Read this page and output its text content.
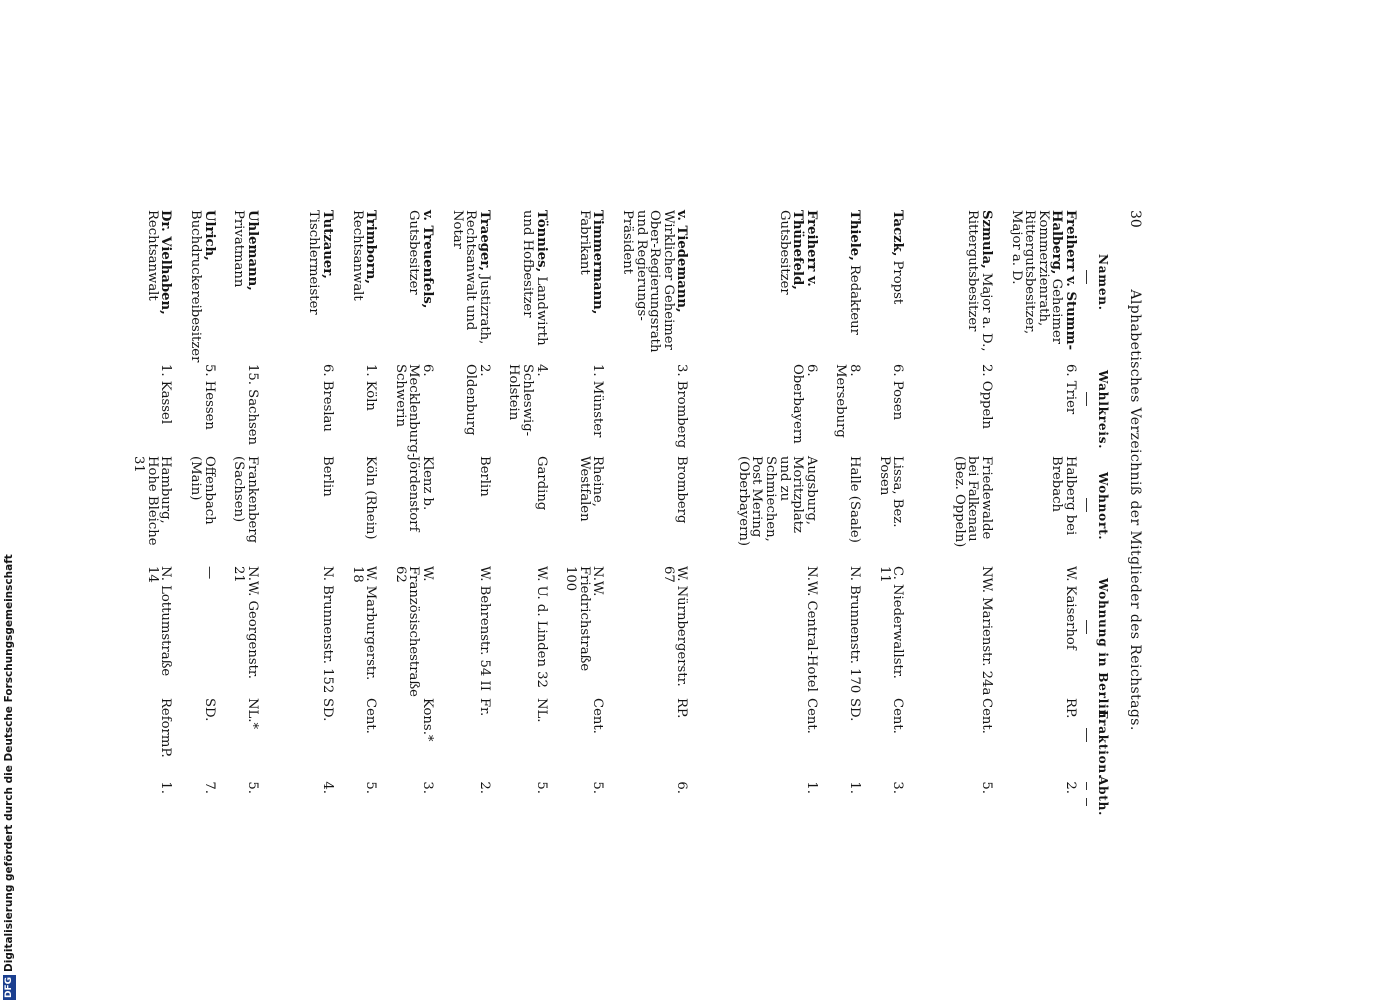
30
Alphabetisches Verzeichniß der Mitglieder des Reichstags.
Namen.
Wahlkreis.
Wohnort.
Wohnung in Berlin.
Fraktion.
Abth.
Freiherr v. Stumm-Halberg, Geheimer Kommerzienrath, Rittergutsbesitzer, Major a. D.
6. Trier
Halberg bei Brebach
W. Kaiserhof
RP.
2.
Szmula, Major a. D., Rittergutsbesitzer
2. Oppeln
Friedewalde bei Falkenau (Bez. Oppeln)
NW. Marienstr. 24a
Cent.
5.
Taczk, Propst
6. Posen
Lissa, Bez. Posen
C. Niederwallstr. 11
Cent.
3.
Thiele, Redakteur
8. Merseburg
Halle (Saale)
N. Brunnenstr. 170
SD.
1.
Freiherr v. Thünefeld, Gutsbesitzer
6. Oberbayern
Augsburg, Moritzplatz und zu Schmiechen, Post Mering (Oberbayern)
N.W. Central-Hotel
Cent.
1.
v. Tiedemann, Wirklicher Geheimer Ober-Regierungsrath und Regierungs-Präsident
3. Bromberg
Bromberg
W. Nürnbergerstr. 67
RP.
6.
Timmermann, Fabrikant
1. Münster
Rheine, Westfalen
N.W. Friedrichstraße 100
Cent.
5.
Tönnies, Landwirth und Hofbesitzer
4. Schleswig-Holstein
Garding
W. U. d. Linden 32
NL.
5.
Traeger, Justizrath, Rechtsanwalt und Notar
2. Oldenburg
Berlin
W. Behrenstr. 54 II
Fr.
2.
v. Treuenfels, Gutsbesitzer
6. Mecklenburg-Schwerin
Klenz b. Jördenstorf
W. Französischestraße 62
Kons.*
3.
Trimborn, Rechtsanwalt
1. Köln
Köln (Rhein)
W. Marburgerstr. 18
Cent.
5.
Tutzauer, Tischlermeister
6. Breslau
Berlin
N. Brunnenstr. 152
SD.
4.
Uhlemann, Privatmann
15. Sachsen
Frankenberg (Sachsen)
N.W. Georgenstr. 21
NL.*
5.
Ulrich, Buchdruckereibesitzer
5. Hessen
Offenbach (Main)
—
SD.
7.
Dr. Vielhaben, Rechtsanwalt
1. Kassel
Hamburg, Hohe Bleiche 31
N. Lottumstraße 14
ReformP.
1.
DFGDigitalisierung gefördert durch die Deutsche Forschungsgemeinschaft
